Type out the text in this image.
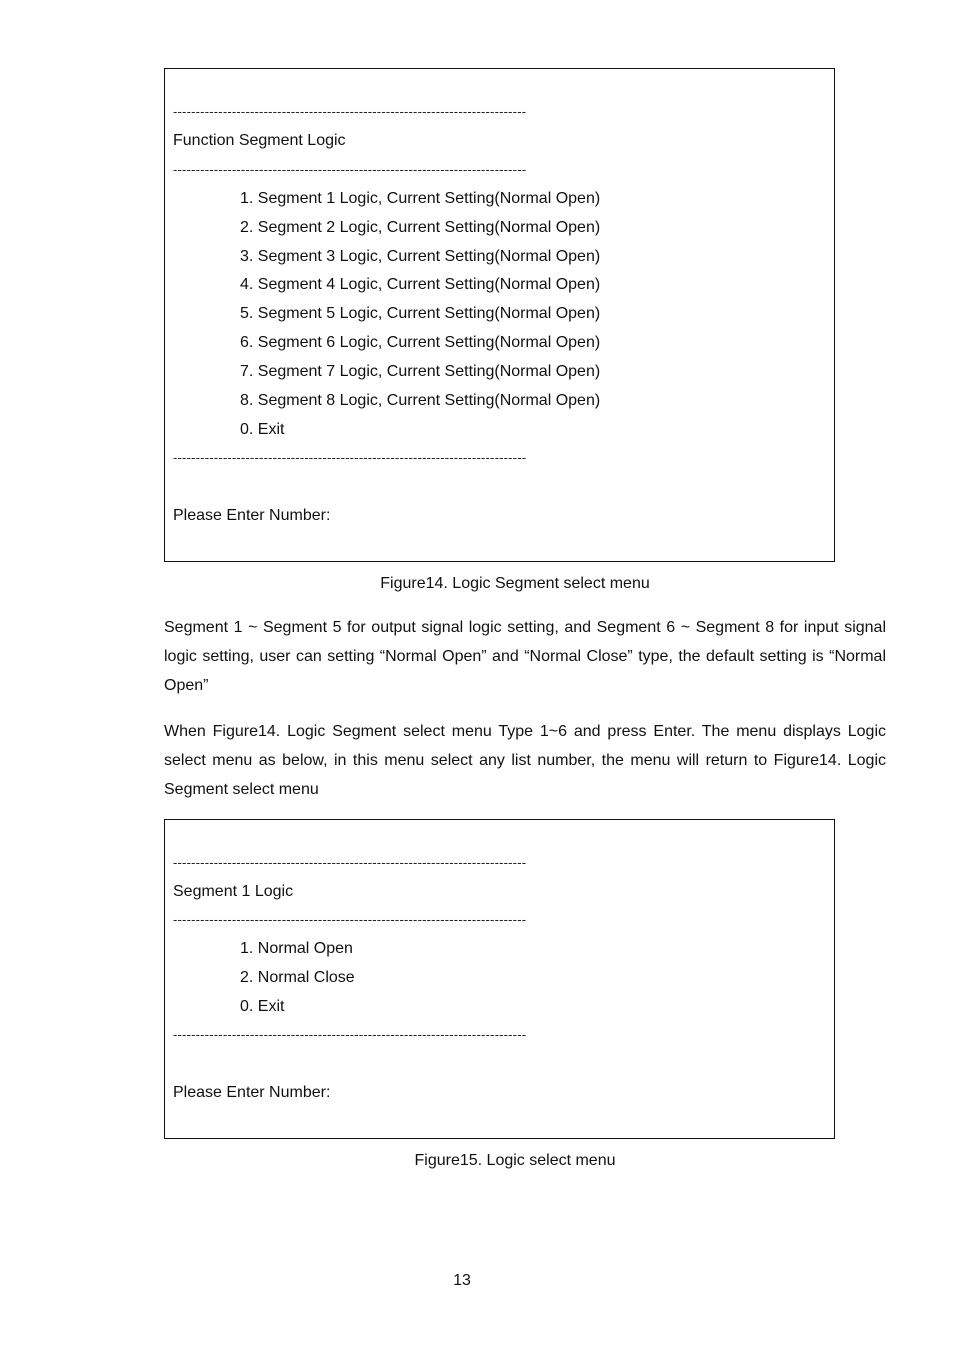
------------------------------------------------------------------------------
Function Segment Logic
------------------------------------------------------------------------------
1. Segment 1 Logic, Current Setting(Normal Open)
2. Segment 2 Logic, Current Setting(Normal Open)
3. Segment 3 Logic, Current Setting(Normal Open)
4. Segment 4 Logic, Current Setting(Normal Open)
5. Segment 5 Logic, Current Setting(Normal Open)
6. Segment 6 Logic, Current Setting(Normal Open)
7. Segment 7 Logic, Current Setting(Normal Open)
8. Segment 8 Logic, Current Setting(Normal Open)
0. Exit
------------------------------------------------------------------------------
Please Enter Number:
Figure14. Logic Segment select menu

Segment 1 ~ Segment 5 for output signal logic setting, and Segment 6 ~ Segment 8 for input signal logic setting, user can setting “Normal Open” and “Normal Close” type, the default setting is “Normal Open”

When Figure14. Logic Segment select menu Type 1~6 and press Enter. The menu displays Logic select menu as below, in this menu select any list number, the menu will return to Figure14. Logic Segment select menu

------------------------------------------------------------------------------
Segment 1 Logic
------------------------------------------------------------------------------
1. Normal Open
2. Normal Close
0. Exit
------------------------------------------------------------------------------
Please Enter Number:
Figure15. Logic select menu
13
